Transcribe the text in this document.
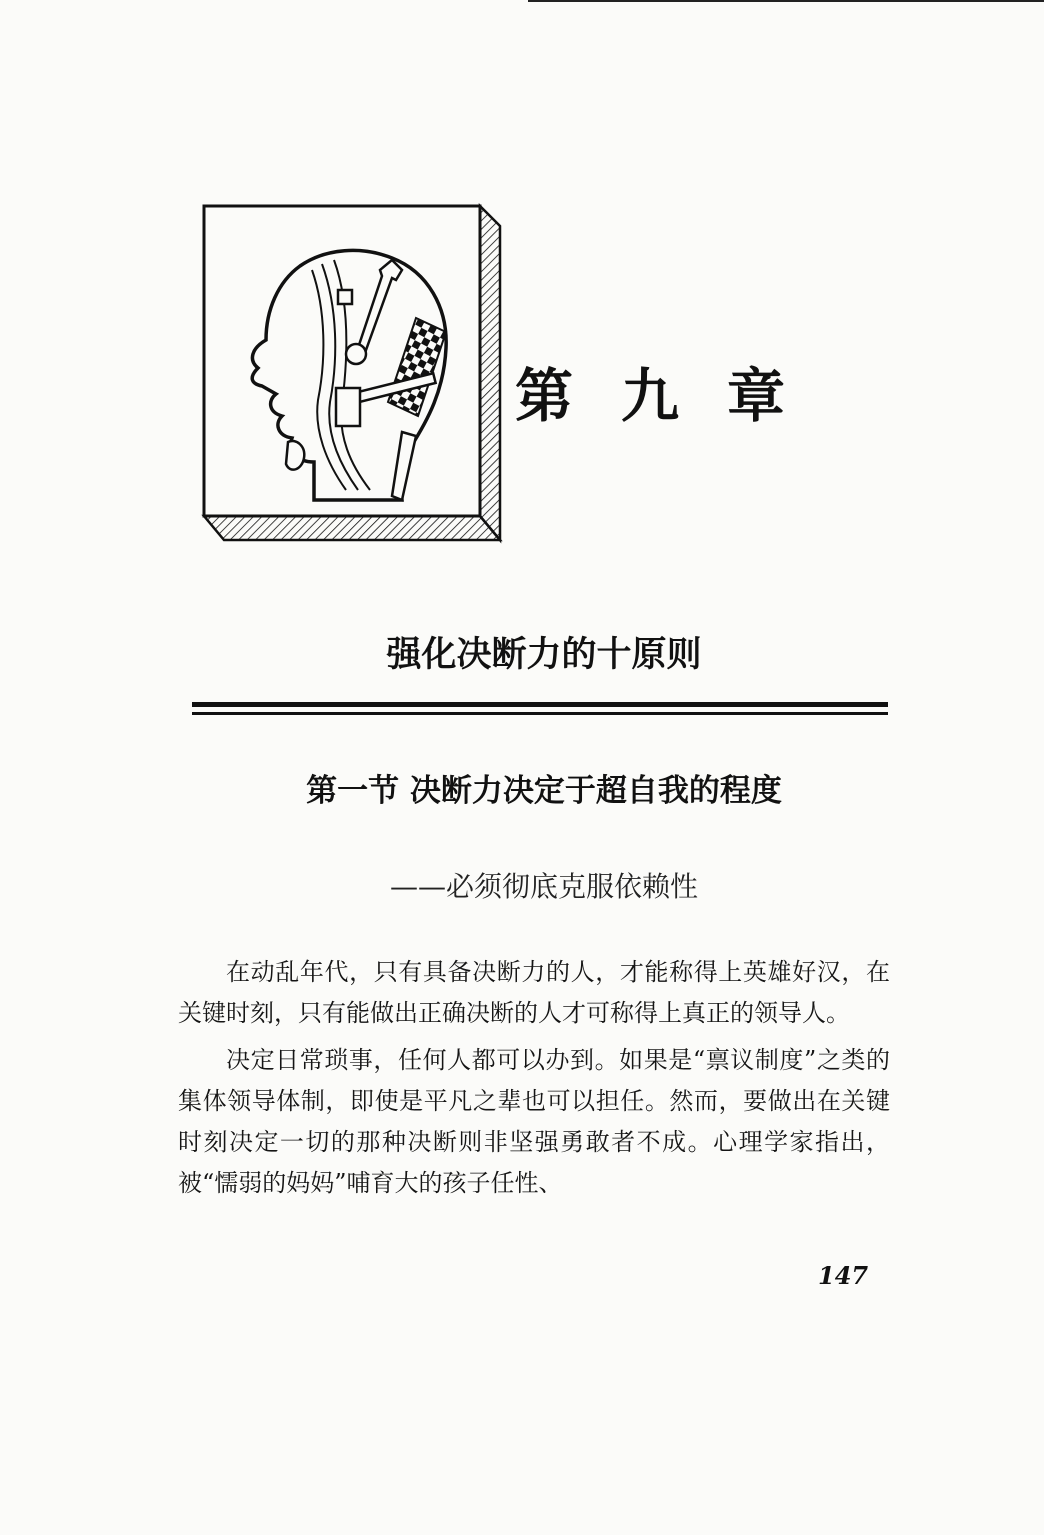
第九章
强化决断力的十原则
第一节 决断力决定于超自我的程度
——必须彻底克服依赖性

在动乱年代，只有具备决断力的人，才能称得上英雄好汉，在关键时刻，只有能做出正确决断的人才可称得上真正的领导人。

决定日常琐事，任何人都可以办到。如果是“禀议制度”之类的集体领导体制，即使是平凡之辈也可以担任。然而，要做出在关键时刻决定一切的那种决断则非坚强勇敢者不成。心理学家指出，被“懦弱的妈妈”哺育大的孩子任性、

147
